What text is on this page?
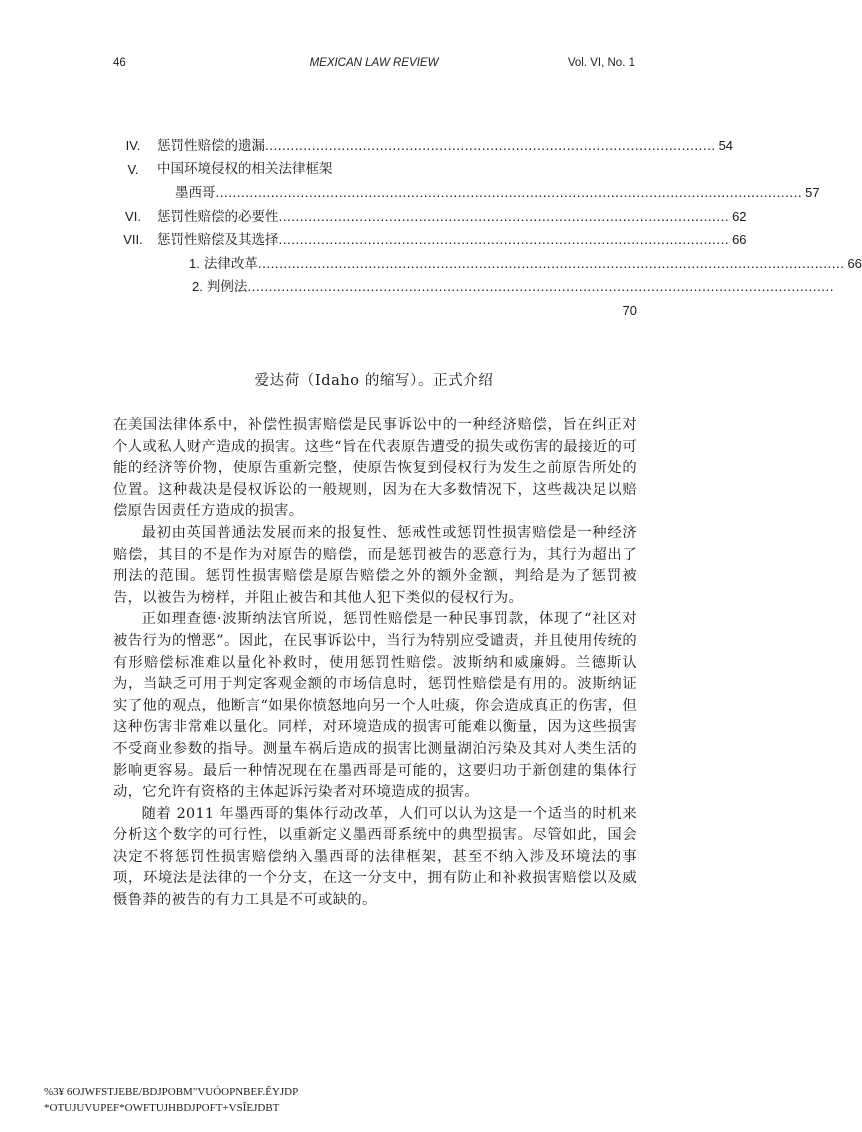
46	MEXICAN LAW REVIEW	Vol. VI, No. 1
IV.	惩罚性赔偿的遗漏 .......................................................................................................... 54
V.	中国环境侵权的相关法律框架
墨西哥 .......................................................................................................................................... 57
VI.	惩罚性赔偿的必要性 .......................................................................................................... 62
VII.	惩罚性赔偿及其选择 .......................................................................................................... 66
1. 法律改革 .......................................................................................................................................... 66
2. 判例法 ..........................................................................................................................................
70
爱达荷（Idaho 的缩写）。正式介绍

在美国法律体系中，补偿性损害赔偿是民事诉讼中的一种经济赔偿，旨在纠正对个人或私人财产造成的损害。这些“旨在代表原告遭受的损失或伤害的最接近的可能的经济等价物，使原告重新完整，使原告恢复到侵权行为发生之前原告所处的位置。这种裁决是侵权诉讼的一般规则，因为在大多数情况下，这些裁决足以赔偿原告因责任方造成的损害。

最初由英国普通法发展而来的报复性、惩戒性或惩罚性损害赔偿是一种经济赔偿，其目的不是作为对原告的赔偿，而是惩罚被告的恶意行为，其行为超出了刑法的范围。惩罚性损害赔偿是原告赔偿之外的额外金额，判给是为了惩罚被告，以被告为榜样，并阻止被告和其他人犯下类似的侵权行为。

正如理查德·波斯纳法官所说，惩罚性赔偿是一种民事罚款，体现了“社区对被告行为的憎恶”。因此，在民事诉讼中，当行为特别应受谴责，并且使用传统的有形赔偿标准难以量化补救时，使用惩罚性赔偿。波斯纳和威廉姆。兰德斯认为，当缺乏可用于判定客观金额的市场信息时，惩罚性赔偿是有用的。波斯纳证实了他的观点，他断言“如果你愤怒地向另一个人吐痰，你会造成真正的伤害，但这种伤害非常难以量化。同样，对环境造成的损害可能难以衡量，因为这些损害不受商业参数的指导。测量车祸后造成的损害比测量湖泊污染及其对人类生活的影响更容易。最后一种情况现在在墨西哥是可能的，这要归功于新创建的集体行动，它允许有资格的主体起诉污染者对环境造成的损害。

随着 2011 年墨西哥的集体行动改革，人们可以认为这是一个适当的时机来分析这个数字的可行性，以重新定义墨西哥系统中的典型损害。尽管如此，国会决定不将惩罚性损害赔偿纳入墨西哥的法律框架，甚至不纳入涉及环境法的事项，环境法是法律的一个分支，在这一分支中，拥有防止和补救损害赔偿以及威慑鲁莽的被告的有力工具是不可或缺的。

%3¥ 6OJWFSTJEBE/BDJPOBM"VUÓOPNBEF.ÊYJDP
*OTUJUVUPEF*OWFTUJHBDJPOFT+VSÎEJDBT
